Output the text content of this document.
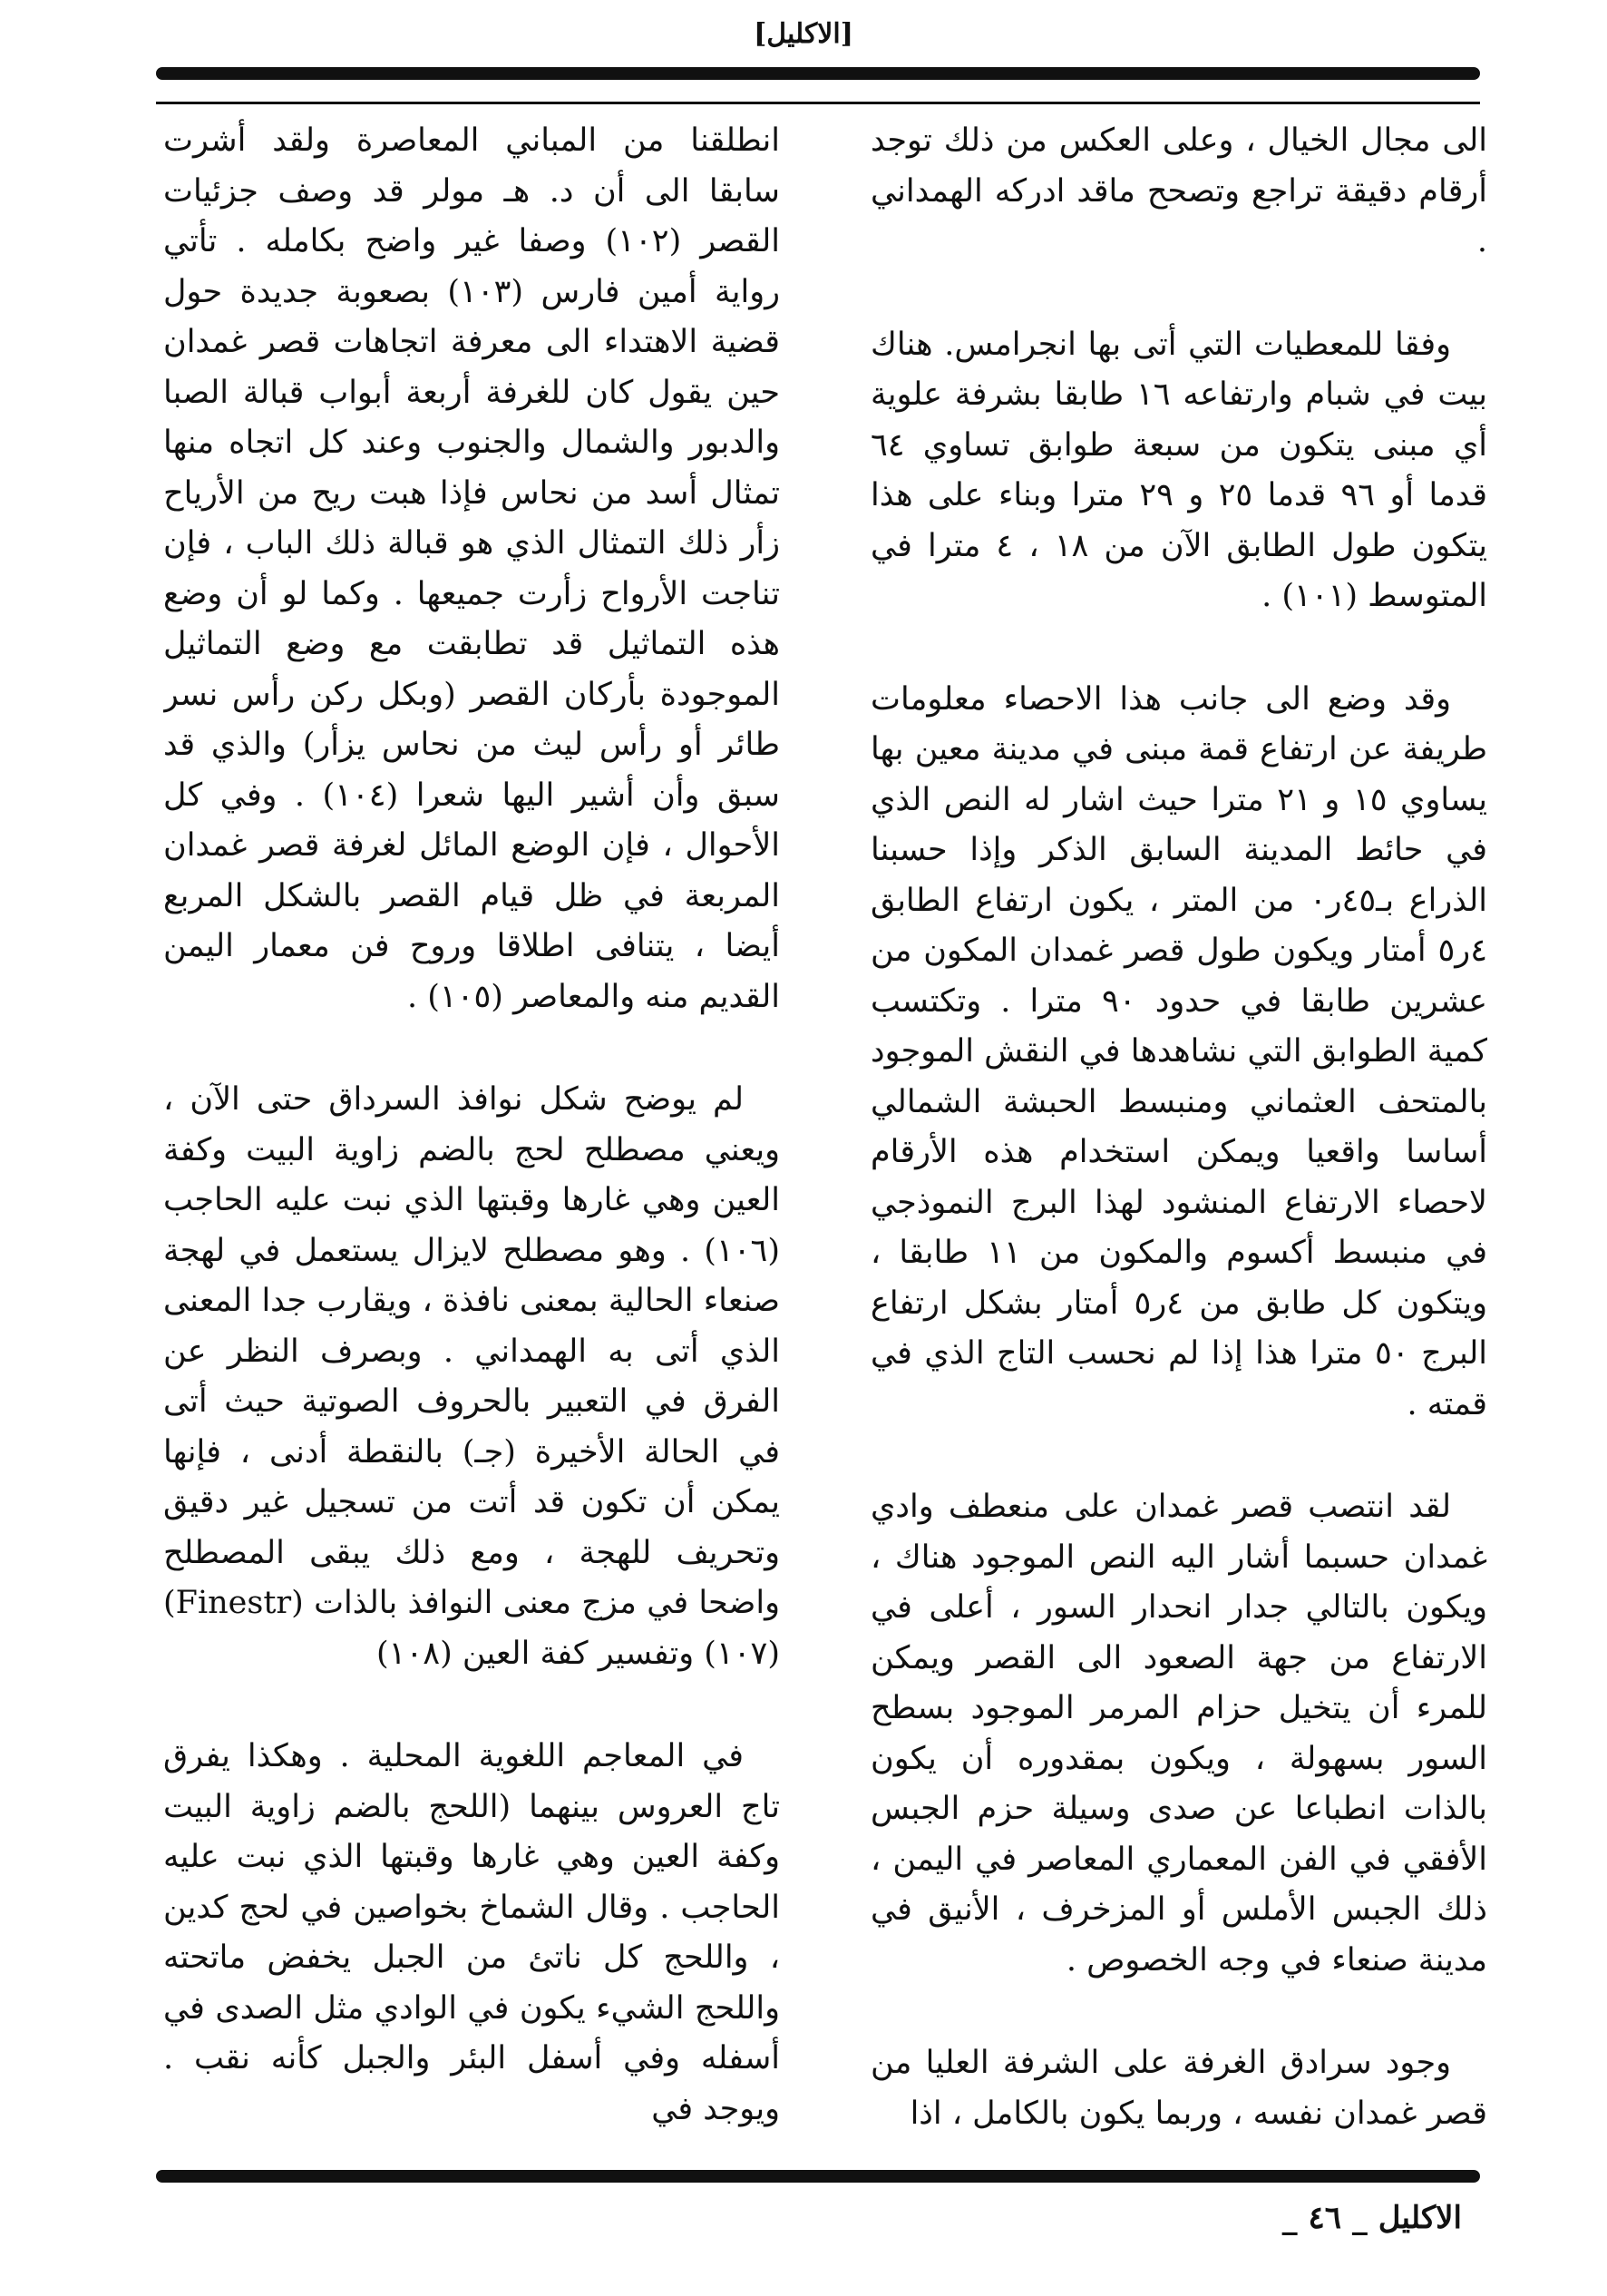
[الاكليل]

الى مجال الخيال ، وعلى العكس من ذلك توجد أرقام دقيقة تراجع وتصحح ماقد ادركه الهمداني .

وفقا للمعطيات التي أتى بها انجرامس. هناك بيت في شبام وارتفاعه ١٦ طابقا بشرفة علوية أي مبنى يتكون من سبعة طوابق تساوي ٦٤ قدما أو ٩٦ قدما ٢٥ و ٢٩ مترا وبناء على هذا يتكون طول الطابق الآن من ١٨ ، ٤ مترا في المتوسط (١٠١) .

وقد وضع الى جانب هذا الاحصاء معلومات طريفة عن ارتفاع قمة مبنى في مدينة معين بها يساوي ١٥ و ٢١ مترا حيث اشار له النص الذي في حائط المدينة السابق الذكر وإذا حسبنا الذراع بـ٤٥ر٠ من المتر ، يكون ارتفاع الطابق ٤ر٥ أمتار ويكون طول قصر غمدان المكون من عشرين طابقا في حدود ٩٠ مترا . وتكتسب كمية الطوابق التي نشاهدها في النقش الموجود بالمتحف العثماني ومنبسط الحبشة الشمالي أساسا واقعيا ويمكن استخدام هذه الأرقام لاحصاء الارتفاع المنشود لهذا البرج النموذجي في منبسط أكسوم والمكون من ١١ طابقا ، ويتكون كل طابق من ٤ر٥ أمتار بشكل ارتفاع البرج ٥٠ مترا هذا إذا لم نحسب التاج الذي في قمته .

لقد انتصب قصر غمدان على منعطف وادي غمدان حسبما أشار اليه النص الموجود هناك ، ويكون بالتالي جدار انحدار السور ، أعلى في الارتفاع من جهة الصعود الى القصر ويمكن للمرء أن يتخيل حزام المرمر الموجود بسطح السور بسهولة ، ويكون بمقدوره أن يكون بالذات انطباعا عن صدى وسيلة حزم الجبس الأفقي في الفن المعماري المعاصر في اليمن ، ذلك الجبس الأملس أو المزخرف ، الأنيق في مدينة صنعاء في وجه الخصوص .

وجود سرادق الغرفة على الشرفة العليا من قصر غمدان نفسه ، وربما يكون بالكامل ، اذا

انطلقنا من المباني المعاصرة ولقد أشرت سابقا الى أن د. هـ مولر قد وصف جزئيات القصر (١٠٢) وصفا غير واضح بكامله . تأتي رواية أمين فارس (١٠٣) بصعوبة جديدة حول قضية الاهتداء الى معرفة اتجاهات قصر غمدان حين يقول كان للغرفة أربعة أبواب قبالة الصبا والدبور والشمال والجنوب وعند كل اتجاه منها تمثال أسد من نحاس فإذا هبت ريح من الأرياح زأر ذلك التمثال الذي هو قبالة ذلك الباب ، فإن تناجت الأرواح زأرت جميعها . وكما لو أن وضع هذه التماثيل قد تطابقت مع وضع التماثيل الموجودة بأركان القصر (وبكل ركن رأس نسر طائر أو رأس ليث من نحاس يزأر) والذي قد سبق وأن أشير اليها شعرا (١٠٤) . وفي كل الأحوال ، فإن الوضع المائل لغرفة قصر غمدان المربعة في ظل قيام القصر بالشكل المربع أيضا ، يتنافى اطلاقا وروح فن معمار اليمن القديم منه والمعاصر (١٠٥) .

لم يوضح شكل نوافذ السرداق حتى الآن ، ويعني مصطلح لحج بالضم زاوية البيت وكفة العين وهي غارها وقبتها الذي نبت عليه الحاجب (١٠٦) . وهو مصطلح لايزال يستعمل في لهجة صنعاء الحالية بمعنى نافذة ، ويقارب جدا المعنى الذي أتى به الهمداني . وبصرف النظر عن الفرق في التعبير بالحروف الصوتية حيث أتى في الحالة الأخيرة (جـ) بالنقطة أدنى ، فإنها يمكن أن تكون قد أتت من تسجيل غير دقيق وتحريف للهجة ، ومع ذلك يبقى المصطلح واضحا في مزج معنى النوافذ بالذات (Finestr) (١٠٧) وتفسير كفة العين (١٠٨)

في المعاجم اللغوية المحلية . وهكذا يفرق تاج العروس بينهما (اللحج بالضم زاوية البيت وكفة العين وهي غارها وقبتها الذي نبت عليه الحاجب . وقال الشماخ بخواصين في لحج كدين ، واللحج كل ناتئ من الجبل يخفض ماتحته واللحج الشيء يكون في الوادي مثل الصدى في أسفله وفي أسفل البئر والجبل كأنه نقب . ويوجد في

الاكليل _ ٤٦ _
